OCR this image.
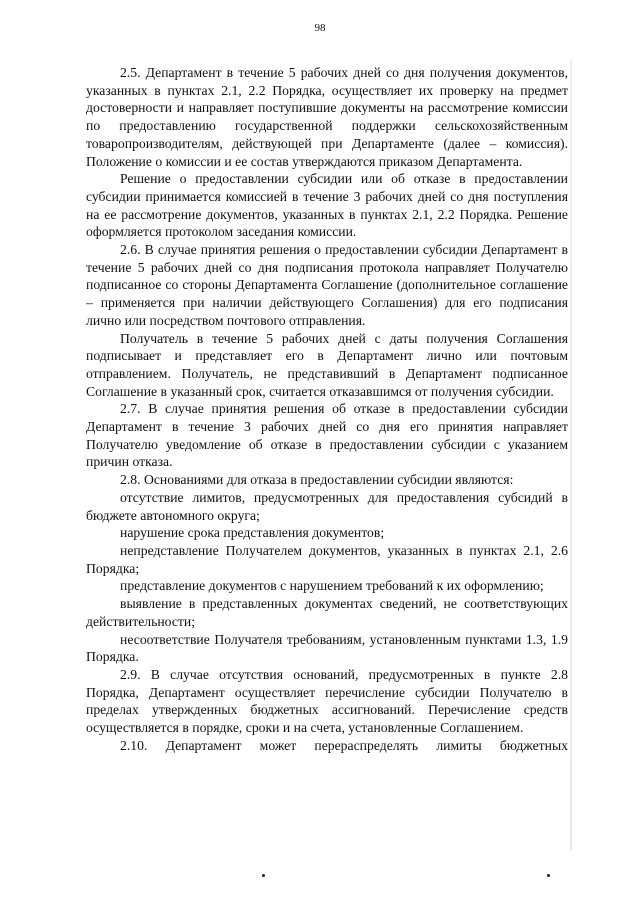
98

2.5. Департамент в течение 5 рабочих дней со дня получения документов, указанных в пунктах 2.1, 2.2 Порядка, осуществляет их проверку на предмет достоверности и направляет поступившие документы на рассмотрение комиссии по предоставлению государственной поддержки сельскохозяйственным товаропроизводителям, действующей при Департаменте (далее – комиссия). Положение о комиссии и ее состав утверждаются приказом Департамента.

Решение о предоставлении субсидии или об отказе в предоставлении субсидии принимается комиссией в течение 3 рабочих дней со дня поступления на ее рассмотрение документов, указанных в пунктах 2.1, 2.2 Порядка. Решение оформляется протоколом заседания комиссии.

2.6. В случае принятия решения о предоставлении субсидии Департамент в течение 5 рабочих дней со дня подписания протокола направляет Получателю подписанное со стороны Департамента Соглашение (дополнительное соглашение – применяется при наличии действующего Соглашения) для его подписания лично или посредством почтового отправления.

Получатель в течение 5 рабочих дней с даты получения Соглашения подписывает и представляет его в Департамент лично или почтовым отправлением. Получатель, не представивший в Департамент подписанное Соглашение в указанный срок, считается отказавшимся от получения субсидии.

2.7. В случае принятия решения об отказе в предоставлении субсидии Департамент в течение 3 рабочих дней со дня его принятия направляет Получателю уведомление об отказе в предоставлении субсидии с указанием причин отказа.

2.8. Основаниями для отказа в предоставлении субсидии являются:

отсутствие лимитов, предусмотренных для предоставления субсидий в бюджете автономного округа;

нарушение срока представления документов;

непредставление Получателем документов, указанных в пунктах 2.1, 2.6 Порядка;

представление документов с нарушением требований к их оформлению;

выявление в представленных документах сведений, не соответствующих действительности;

несоответствие Получателя требованиям, установленным пунктами 1.3, 1.9 Порядка.

2.9. В случае отсутствия оснований, предусмотренных в пункте 2.8 Порядка, Департамент осуществляет перечисление субсидии Получателю в пределах утвержденных бюджетных ассигнований. Перечисление средств осуществляется в порядке, сроки и на счета, установленные Соглашением.

2.10. Департамент может перераспределять лимиты бюджетных
